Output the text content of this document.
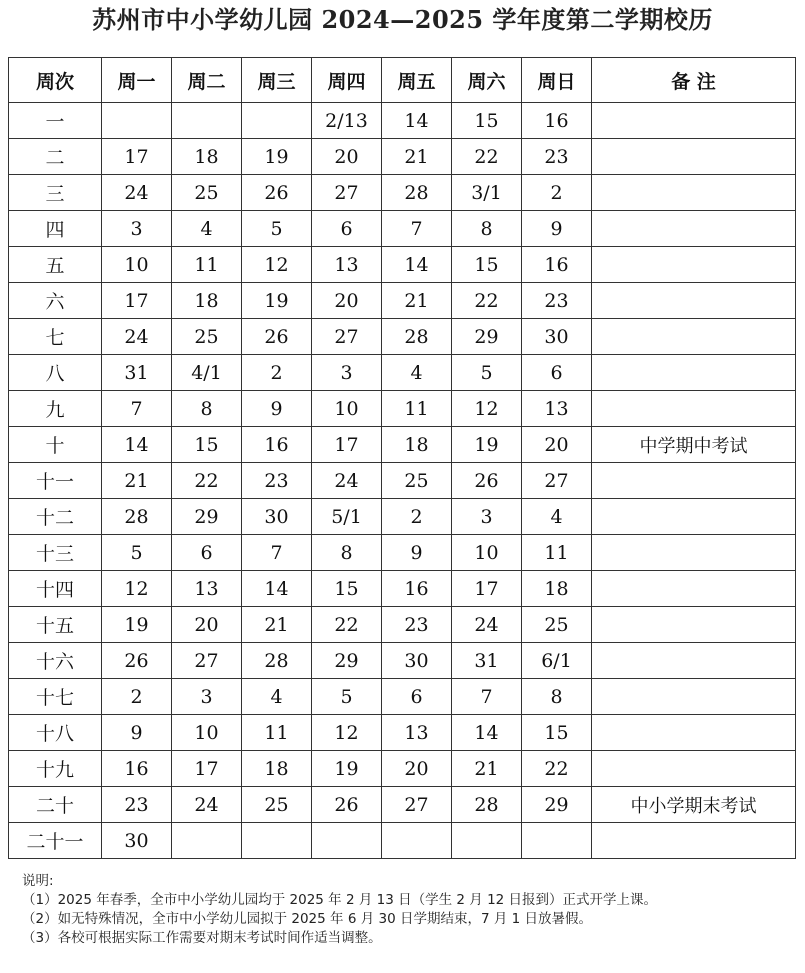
苏州市中小学幼儿园 2024—2025 学年度第二学期校历
周次	周一	周二	周三	周四	周五	周六	周日	备 注
一				2/13	14	15	16	
二	17	18	19	20	21	22	23	
三	24	25	26	27	28	3/1	2	
四	3	4	5	6	7	8	9	
五	10	11	12	13	14	15	16	
六	17	18	19	20	21	22	23	
七	24	25	26	27	28	29	30	
八	31	4/1	2	3	4	5	6	
九	7	8	9	10	11	12	13	
十	14	15	16	17	18	19	20	中学期中考试
十一	21	22	23	24	25	26	27	
十二	28	29	30	5/1	2	3	4	
十三	5	6	7	8	9	10	11	
十四	12	13	14	15	16	17	18	
十五	19	20	21	22	23	24	25	
十六	26	27	28	29	30	31	6/1	
十七	2	3	4	5	6	7	8	
十八	9	10	11	12	13	14	15	
十九	16	17	18	19	20	21	22	
二十	23	24	25	26	27	28	29	中小学期末考试
二十一	30							

说明:

（1）2025 年春季，全市中小学幼儿园均于 2025 年 2 月 13 日（学生 2 月 12 日报到）正式开学上课。

（2）如无特殊情况，全市中小学幼儿园拟于 2025 年 6 月 30 日学期结束，7 月 1 日放暑假。

（3）各校可根据实际工作需要对期末考试时间作适当调整。
